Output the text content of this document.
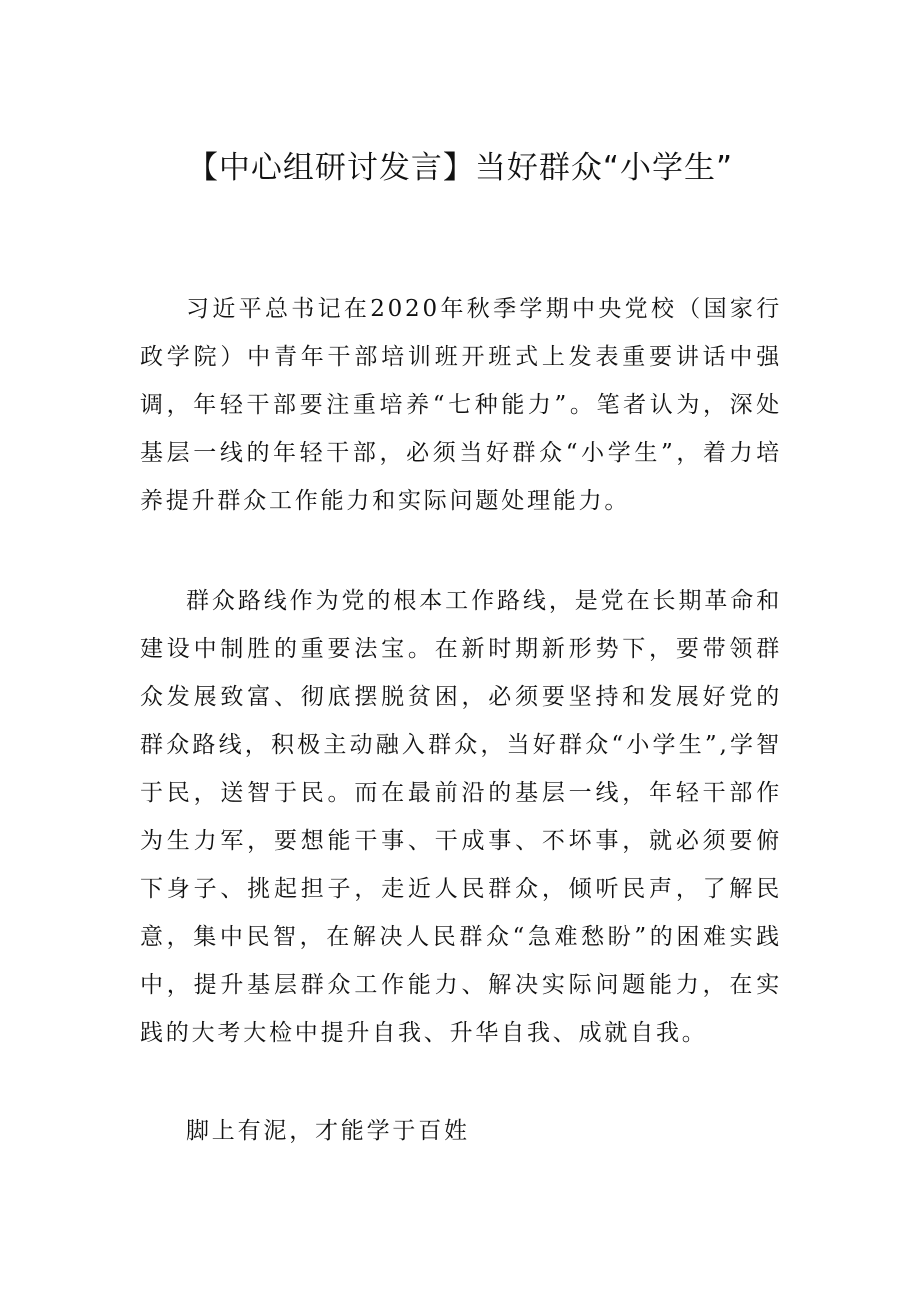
【中心组研讨发言】当好群众“小学生”

习近平总书记在2020年秋季学期中央党校（国家行政学院）中青年干部培训班开班式上发表重要讲话中强调，年轻干部要注重培养“七种能力”。笔者认为，深处基层一线的年轻干部，必须当好群众“小学生”，着力培养提升群众工作能力和实际问题处理能力。

群众路线作为党的根本工作路线，是党在长期革命和建设中制胜的重要法宝。在新时期新形势下，要带领群众发展致富、彻底摆脱贫困，必须要坚持和发展好党的群众路线，积极主动融入群众，当好群众“小学生”,学智于民，送智于民。而在最前沿的基层一线，年轻干部作为生力军，要想能干事、干成事、不坏事，就必须要俯下身子、挑起担子，走近人民群众，倾听民声，了解民意，集中民智，在解决人民群众“急难愁盼”的困难实践中，提升基层群众工作能力、解决实际问题能力，在实践的大考大检中提升自我、升华自我、成就自我。

脚上有泥，才能学于百姓
